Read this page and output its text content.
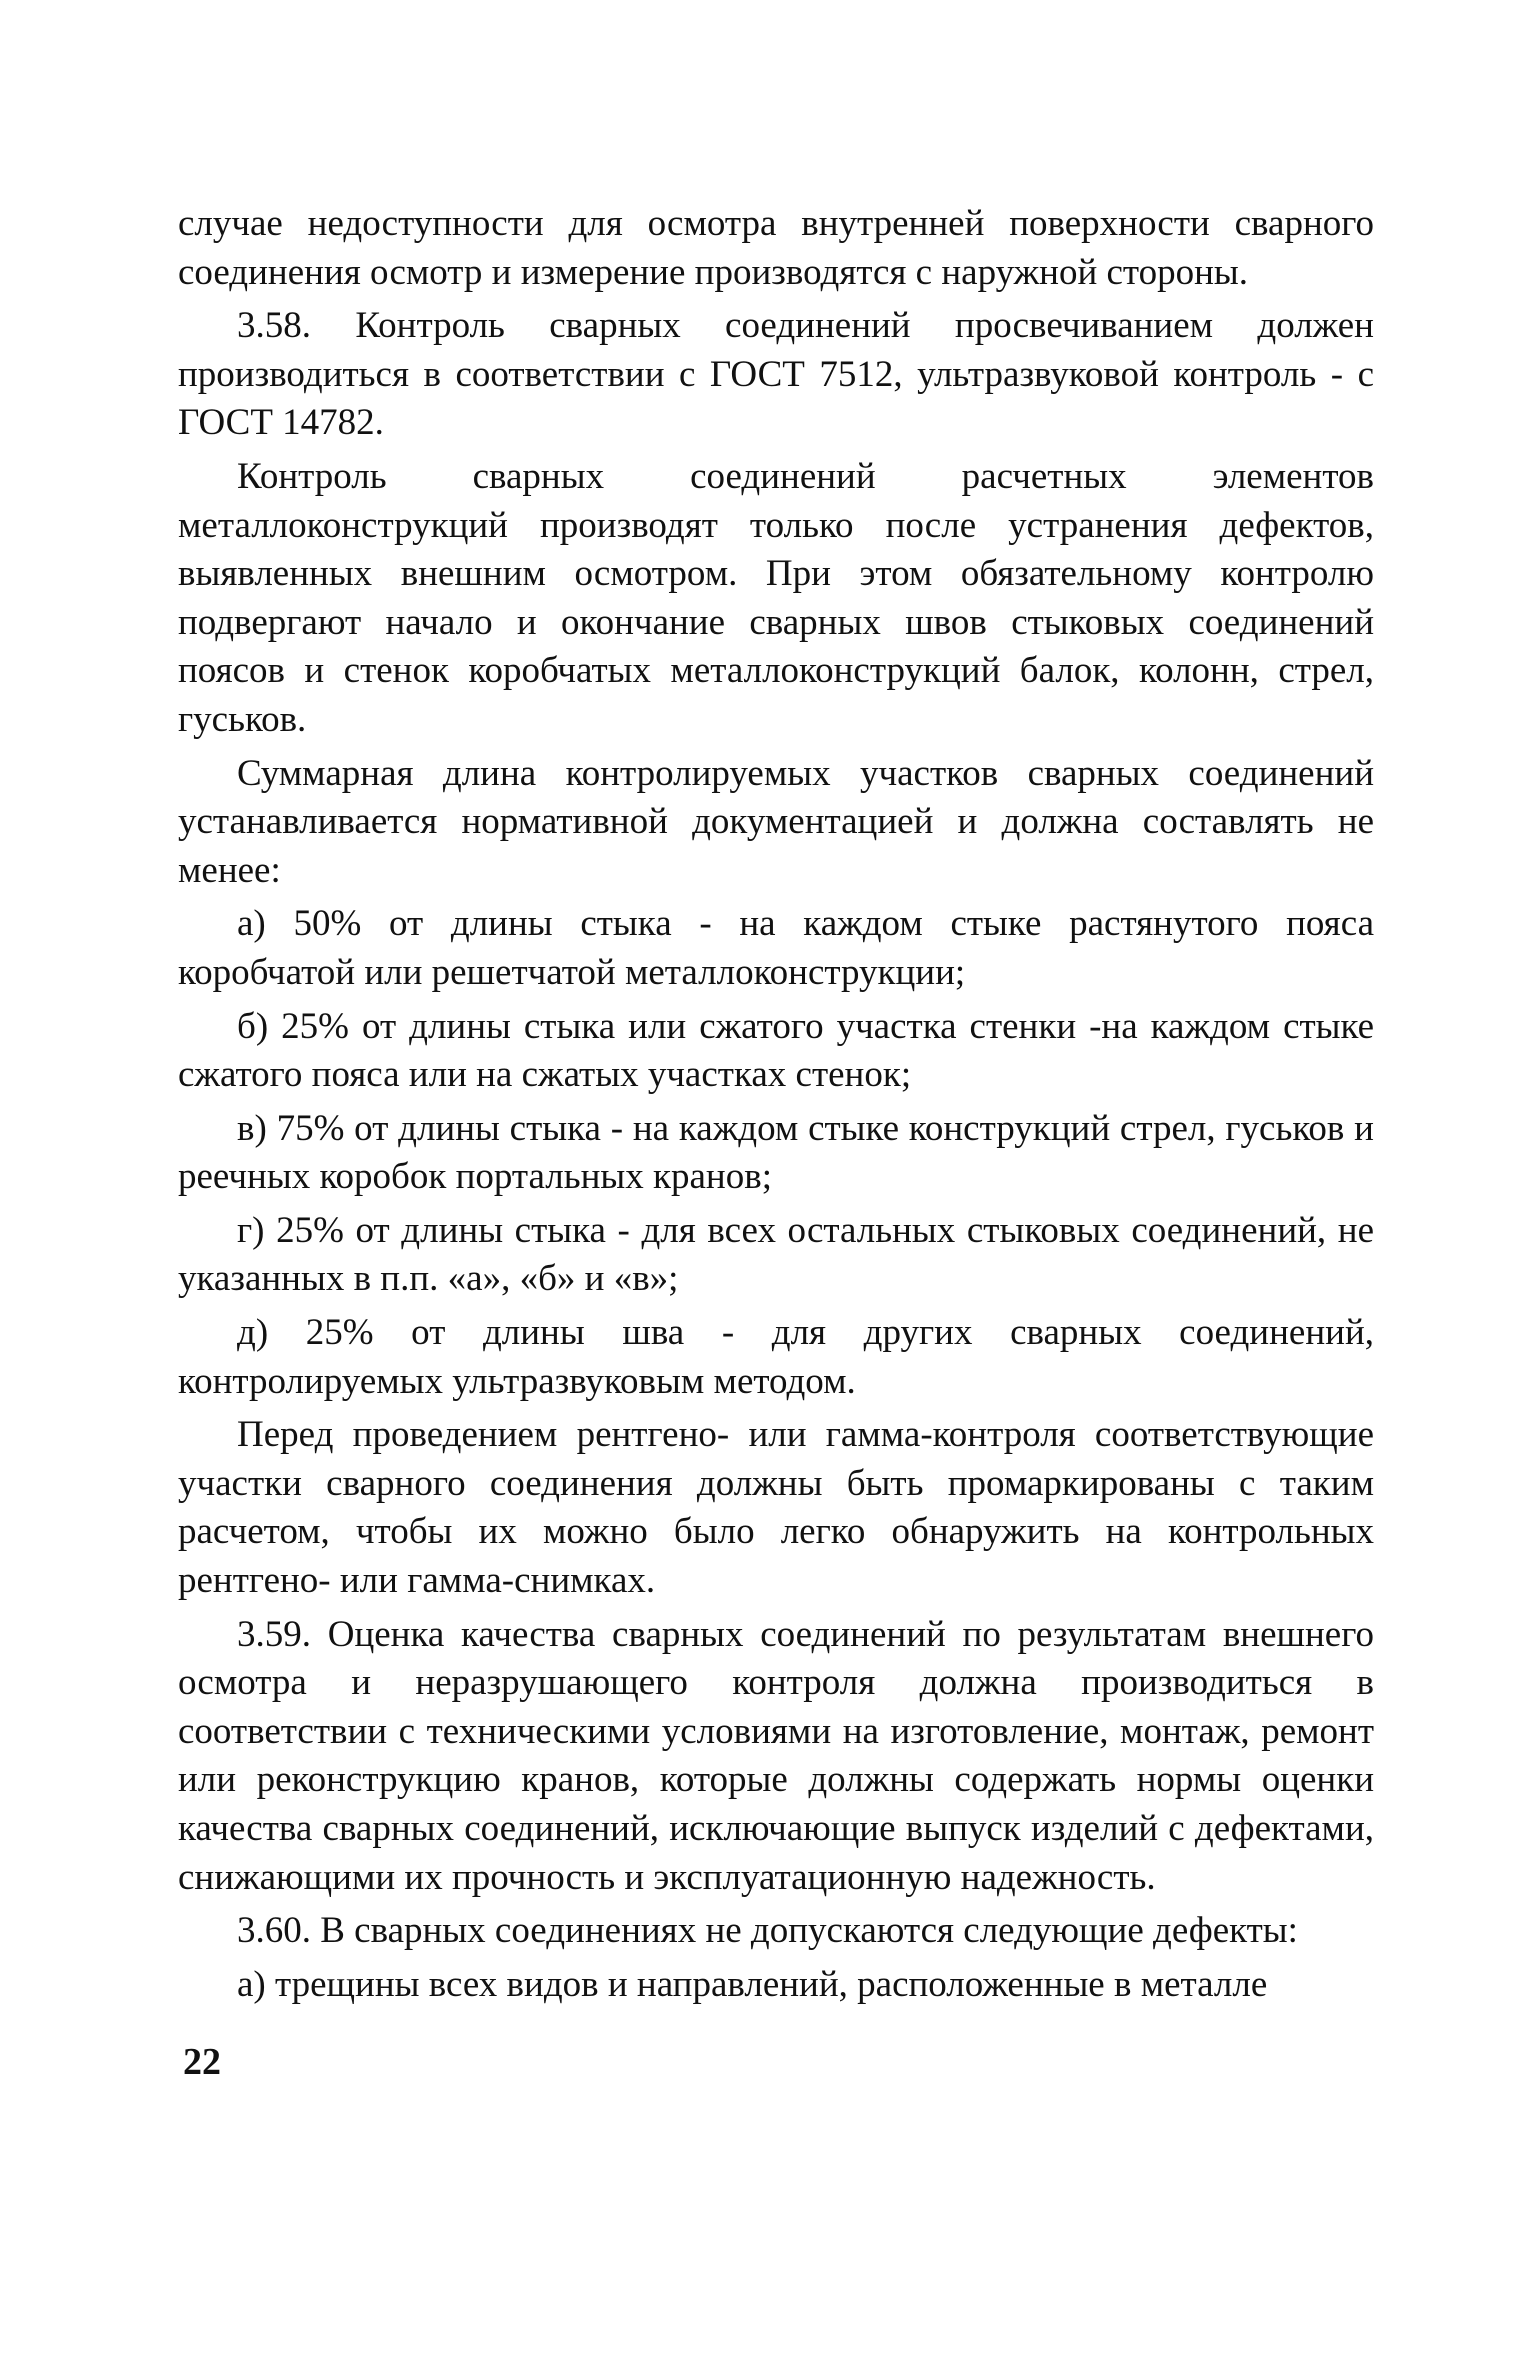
случае недоступности для осмотра внутренней поверхности сварного соединения осмотр и измерение производятся с наружной стороны.

3.58. Контроль сварных соединений просвечиванием должен производиться в соответствии с ГОСТ 7512, ультразвуковой контроль - с ГОСТ 14782.

Контроль сварных соединений расчетных элементов металлоконструкций производят только после устранения дефектов, выявленных внешним осмотром. При этом обязательному контролю подвергают начало и окончание сварных швов стыковых соединений поясов и стенок коробчатых металлоконструкций балок, колонн, стрел, гуськов.

Суммарная длина контролируемых участков сварных соединений устанавливается нормативной документацией и должна составлять не менее:

а) 50% от длины стыка - на каждом стыке растянутого пояса коробчатой или решетчатой металлоконструкции;

б) 25% от длины стыка или сжатого участка стенки -на каждом стыке сжатого пояса или на сжатых участках стенок;

в) 75% от длины стыка - на каждом стыке конструкций стрел, гуськов и реечных коробок портальных кранов;

г) 25% от длины стыка - для всех остальных стыковых соединений, не указанных в п.п. «а», «б» и «в»;

д) 25% от длины шва - для других сварных соединений, контролируемых ультразвуковым методом.

Перед проведением рентгено- или гамма-контроля соответствующие участки сварного соединения должны быть промаркированы с таким расчетом, чтобы их можно было легко обнаружить на контрольных рентгено- или гамма-снимках.

3.59. Оценка качества сварных соединений по результатам внешнего осмотра и неразрушающего контроля должна производиться в соответствии с техническими условиями на изготовление, монтаж, ремонт или реконструкцию кранов, которые должны содержать нормы оценки качества сварных соединений, исключающие выпуск изделий с дефектами, снижающими их прочность и эксплуатационную надежность.

3.60. В сварных соединениях не допускаются следующие дефекты:

а) трещины всех видов и направлений, расположенные в металле

22
